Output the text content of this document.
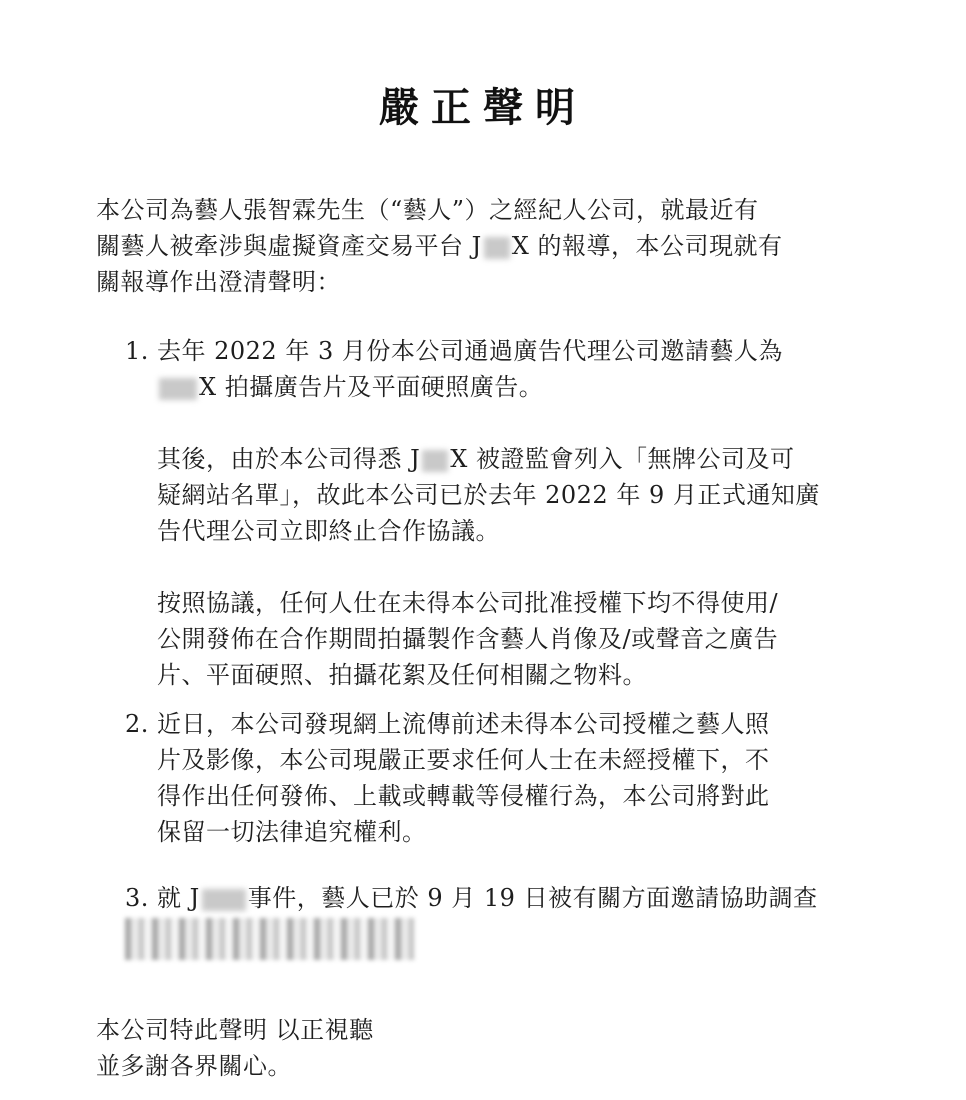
嚴正聲明
本公司為藝人張智霖先生（“藝人”）之經紀人公司，就最近有
關藝人被牽涉與虛擬資產交易平台 J X 的報導，本公司現就有
關報導作出澄清聲明：
1. 去年 2022 年 3 月份本公司通過廣告代理公司邀請藝人為
X 拍攝廣告片及平面硬照廣告。
其後，由於本公司得悉 J X 被證監會列入「無牌公司及可
疑網站名單」，故此本公司已於去年 2022 年 9 月正式通知廣
告代理公司立即終止合作協議。
按照協議，任何人仕在未得本公司批准授權下均不得使用/
公開發佈在合作期間拍攝製作含藝人肖像及/或聲音之廣告
片、平面硬照、拍攝花絮及任何相關之物料。
2. 近日，本公司發現網上流傳前述未得本公司授權之藝人照
片及影像，本公司現嚴正要求任何人士在未經授權下，不
得作出任何發佈、上載或轉載等侵權行為，本公司將對此
保留一切法律追究權利。
3. 就 J 事件，藝人已於 9 月 19 日被有關方面邀請協助調查
本公司特此聲明 以正視聽
並多謝各界關心。
